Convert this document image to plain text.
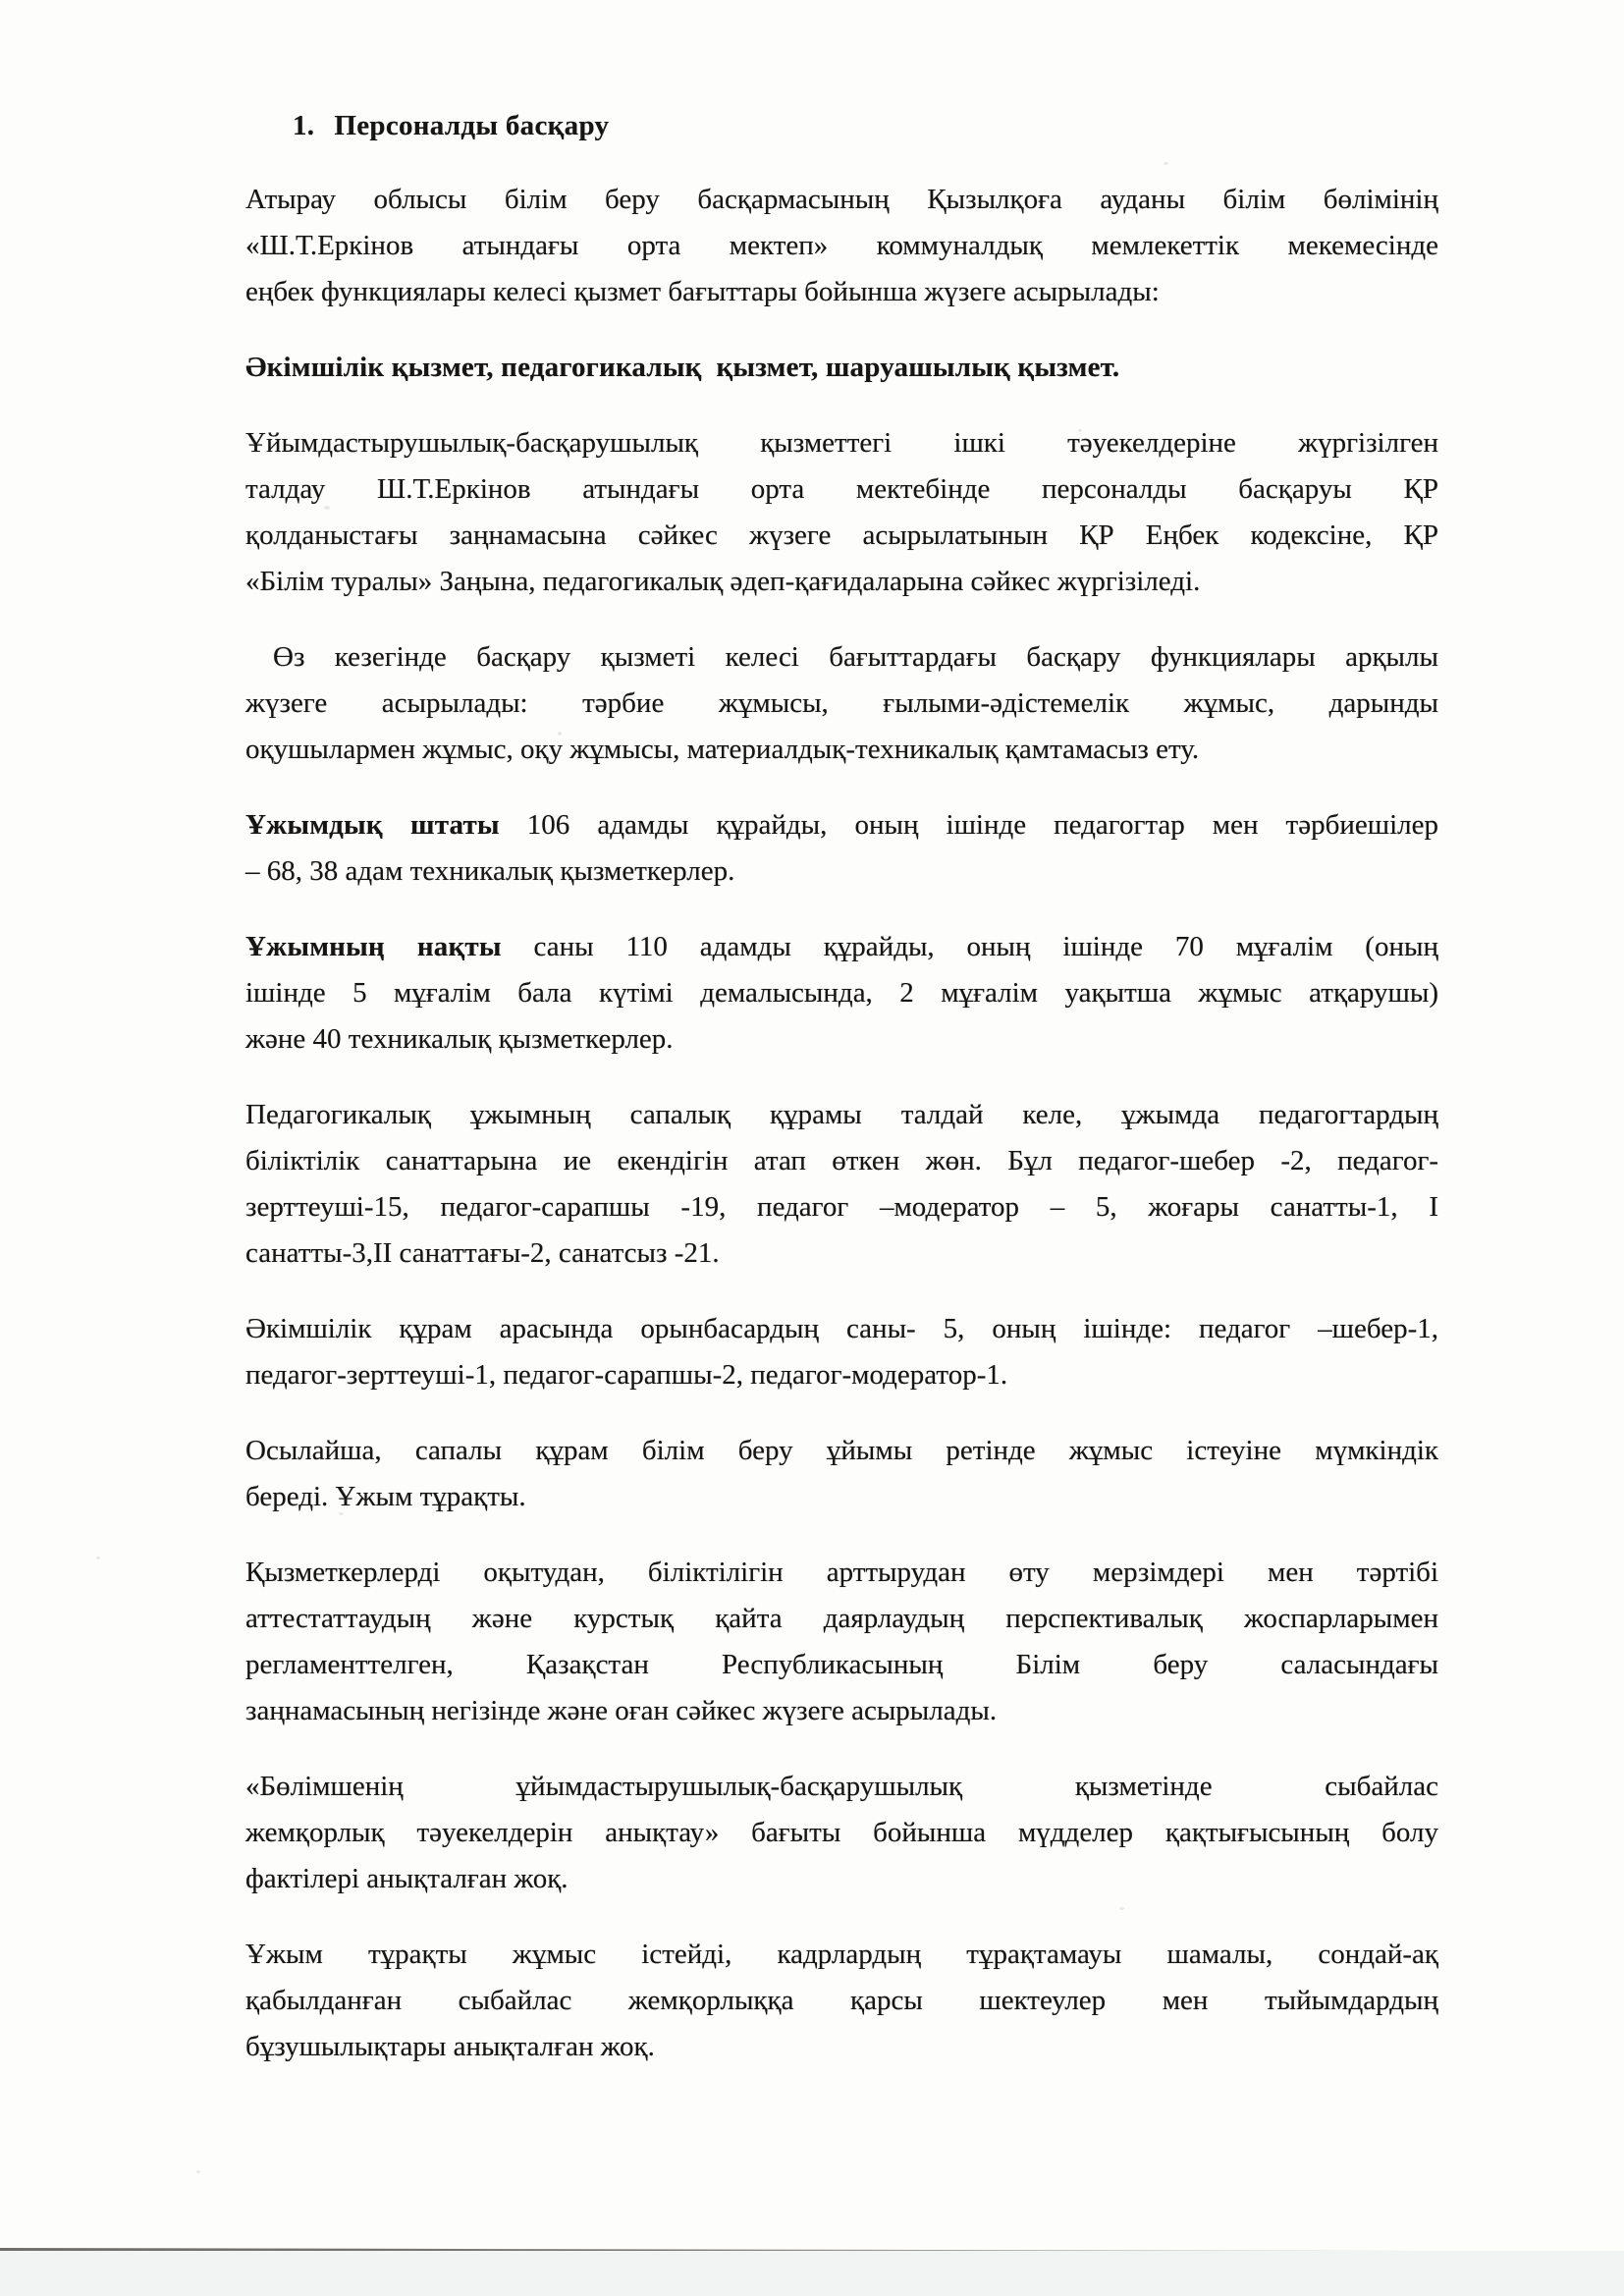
1. Персоналды басқару
Атырау облысы білім беру басқармасының Қызылқоға ауданы білім бөлімінің
«Ш.Т.Еркінов атындағы орта мектеп» коммуналдық мемлекеттік мекемесінде
еңбек функциялары келесі қызмет бағыттары бойынша жүзеге асырылады:
Әкімшілік қызмет, педагогикалық  қызмет, шаруашылық қызмет.
Ұйымдастырушылық-басқарушылық қызметтегі ішкі тәуекелдеріне жүргізілген
талдау Ш.Т.Еркінов атындағы орта мектебінде персоналды басқаруы ҚР
қолданыстағы заңнамасына сәйкес жүзеге асырылатынын ҚР Еңбек кодексіне, ҚР
«Білім туралы» Заңына, педагогикалық әдеп-қағидаларына сәйкес жүргізіледі.
Өз кезегінде басқару қызметі келесі бағыттардағы басқару функциялары арқылы
жүзеге асырылады: тәрбие жұмысы, ғылыми-әдістемелік жұмыс, дарынды
оқушылармен жұмыс, оқу жұмысы, материалдық-техникалық қамтамасыз ету.
Ұжымдық штаты 106 адамды құрайды, оның ішінде педагогтар мен тәрбиешілер
– 68, 38 адам техникалық қызметкерлер.
Ұжымның нақты саны 110 адамды құрайды, оның ішінде 70 мұғалім (оның
ішінде 5 мұғалім бала күтімі демалысында, 2 мұғалім уақытша жұмыс атқарушы)
және 40 техникалық қызметкерлер.
Педагогикалық ұжымның сапалық құрамы талдай келе, ұжымда педагогтардың
біліктілік санаттарына ие екендігін атап өткен жөн. Бұл педагог-шебер -2, педагог-
зерттеуші-15, педагог-сарапшы -19, педагог –модератор – 5, жоғары санатты-1, I
санатты-3,II санаттағы-2, санатсыз -21.
Әкімшілік құрам арасында орынбасардың саны- 5, оның ішінде: педагог –шебер-1,
педагог-зерттеуші-1, педагог-сарапшы-2, педагог-модератор-1.
Осылайша, сапалы құрам білім беру ұйымы ретінде жұмыс істеуіне мүмкіндік
береді. Ұжым тұрақты.
Қызметкерлерді оқытудан, біліктілігін арттырудан өту мерзімдері мен тәртібі
аттестаттаудың және курстық қайта даярлаудың перспективалық жоспарларымен
регламенттелген, Қазақстан Республикасының Білім беру саласындағы
заңнамасының негізінде және оған сәйкес жүзеге асырылады.
«Бөлімшенің ұйымдастырушылық-басқарушылық қызметінде сыбайлас
жемқорлық тәуекелдерін анықтау» бағыты бойынша мүдделер қақтығысының болу
фактілері анықталған жоқ.
Ұжым тұрақты жұмыс істейді, кадрлардың тұрақтамауы шамалы, сондай-ақ
қабылданған сыбайлас жемқорлыққа қарсы шектеулер мен тыйымдардың
бұзушылықтары анықталған жоқ.
